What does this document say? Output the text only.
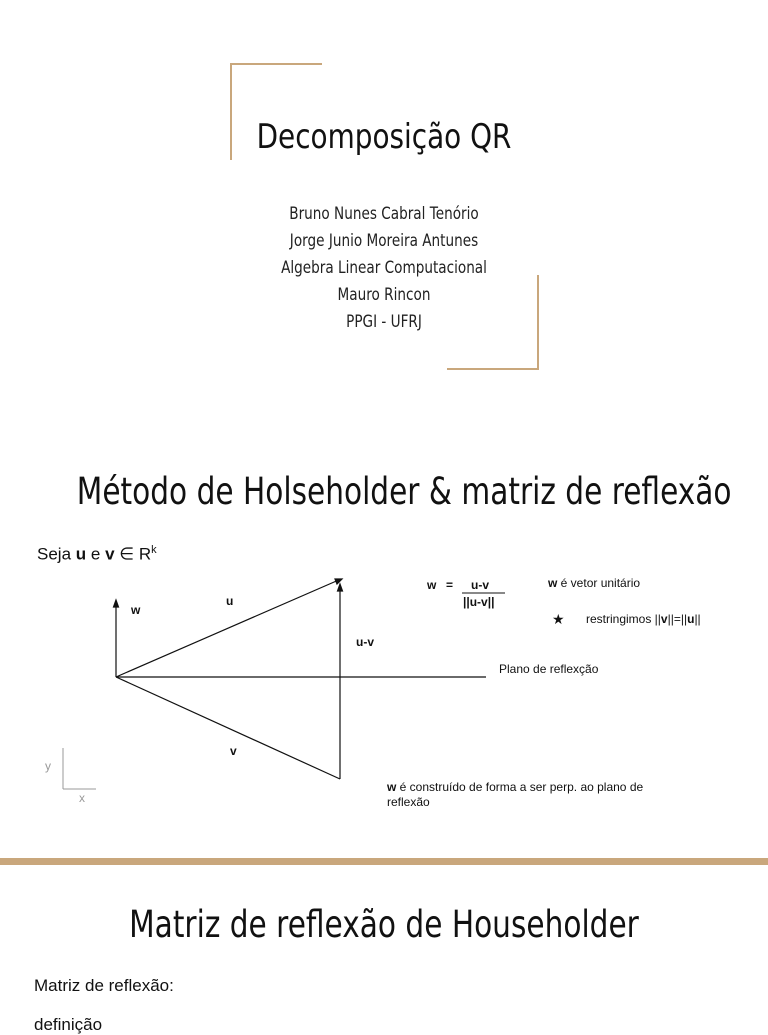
Decomposição QR
Bruno Nunes Cabral Tenório
Jorge Junio Moreira Antunes
Algebra Linear Computacional
Mauro Rincon
PPGI - UFRJ
Método de Holseholder & matriz de reflexão
Seja u e v ∈ $R^k$
y
x
w
u
u-v
v
Plano de reflexção
w = u-v
||u-v||
w é vetor unitário
★ restringimos ||v||=||u||
w é construído de forma a ser perp. ao plano de
reflexão
Matriz de reflexão de Householder
Matriz de reflexão:
definição
